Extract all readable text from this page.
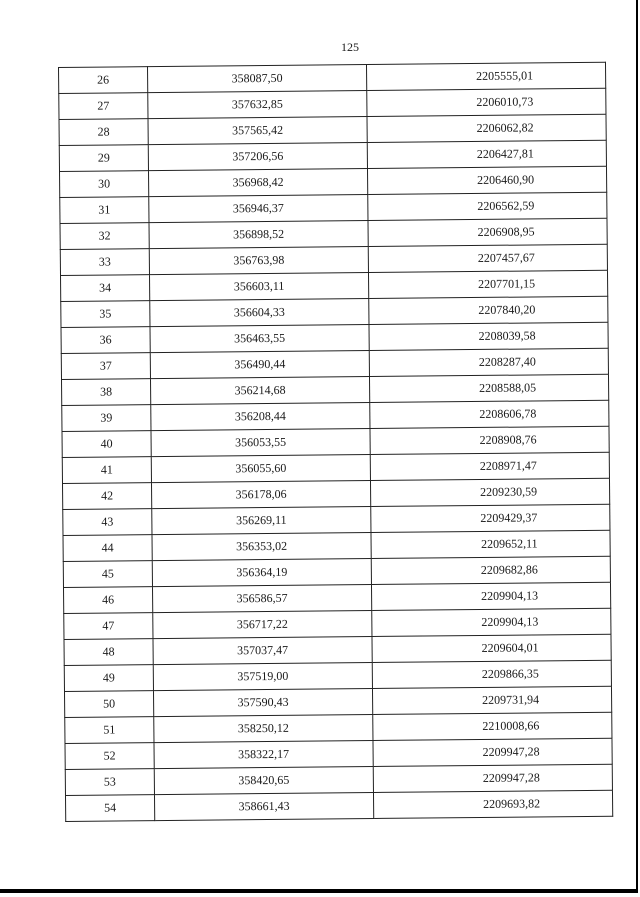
125
26	358087,50	2205555,01
27	357632,85	2206010,73
28	357565,42	2206062,82
29	357206,56	2206427,81
30	356968,42	2206460,90
31	356946,37	2206562,59
32	356898,52	2206908,95
33	356763,98	2207457,67
34	356603,11	2207701,15
35	356604,33	2207840,20
36	356463,55	2208039,58
37	356490,44	2208287,40
38	356214,68	2208588,05
39	356208,44	2208606,78
40	356053,55	2208908,76
41	356055,60	2208971,47
42	356178,06	2209230,59
43	356269,11	2209429,37
44	356353,02	2209652,11
45	356364,19	2209682,86
46	356586,57	2209904,13
47	356717,22	2209904,13
48	357037,47	2209604,01
49	357519,00	2209866,35
50	357590,43	2209731,94
51	358250,12	2210008,66
52	358322,17	2209947,28
53	358420,65	2209947,28
54	358661,43	2209693,82
